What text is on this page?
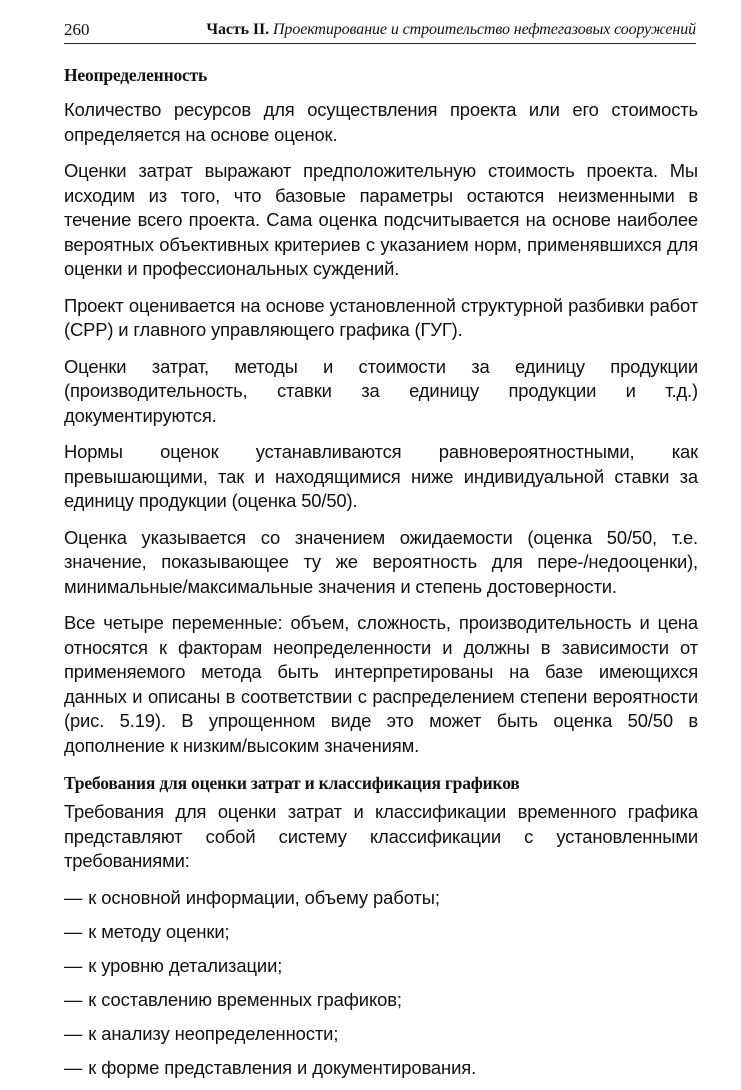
260	Часть II. Проектирование и строительство нефтегазовых сооружений
Неопределенность

Количество ресурсов для осуществления проекта или его стоимость определяется на основе оценок.

Оценки затрат выражают предположительную стоимость проекта. Мы исходим из того, что базовые параметры остаются неизменными в течение всего проекта. Сама оценка подсчитывается на основе наиболее вероятных объективных критериев с указанием норм, применявшихся для оценки и профессиональных суждений.

Проект оценивается на основе установленной структурной разбивки работ (СРР) и главного управляющего графика (ГУГ).

Оценки затрат, методы и стоимости за единицу продукции (производительность, ставки за единицу продукции и т.д.) документируются.

Нормы оценок устанавливаются равновероятностными, как превышающими, так и находящимися ниже индивидуальной ставки за единицу продукции (оценка 50/50).

Оценка указывается со значением ожидаемости (оценка 50/50, т.е. значение, показывающее ту же вероятность для пере-/недооценки), минимальные/максимальные значения и степень достоверности.

Все четыре переменные: объем, сложность, производительность и цена относятся к факторам неопределенности и должны в зависимости от применяемого метода быть интерпретированы на базе имеющихся данных и описаны в соответствии с распределением степени вероятности (рис. 5.19). В упрощенном виде это может быть оценка 50/50 в дополнение к низким/высоким значениям.

Требования для оценки затрат и классификация графиков

Требования для оценки затрат и классификации временного графика представляют собой систему классификации с установленными требованиями:

— к основной информации, объему работы;
— к методу оценки;
— к уровню детализации;
— к составлению временных графиков;
— к анализу неопределенности;
— к форме представления и документирования.
